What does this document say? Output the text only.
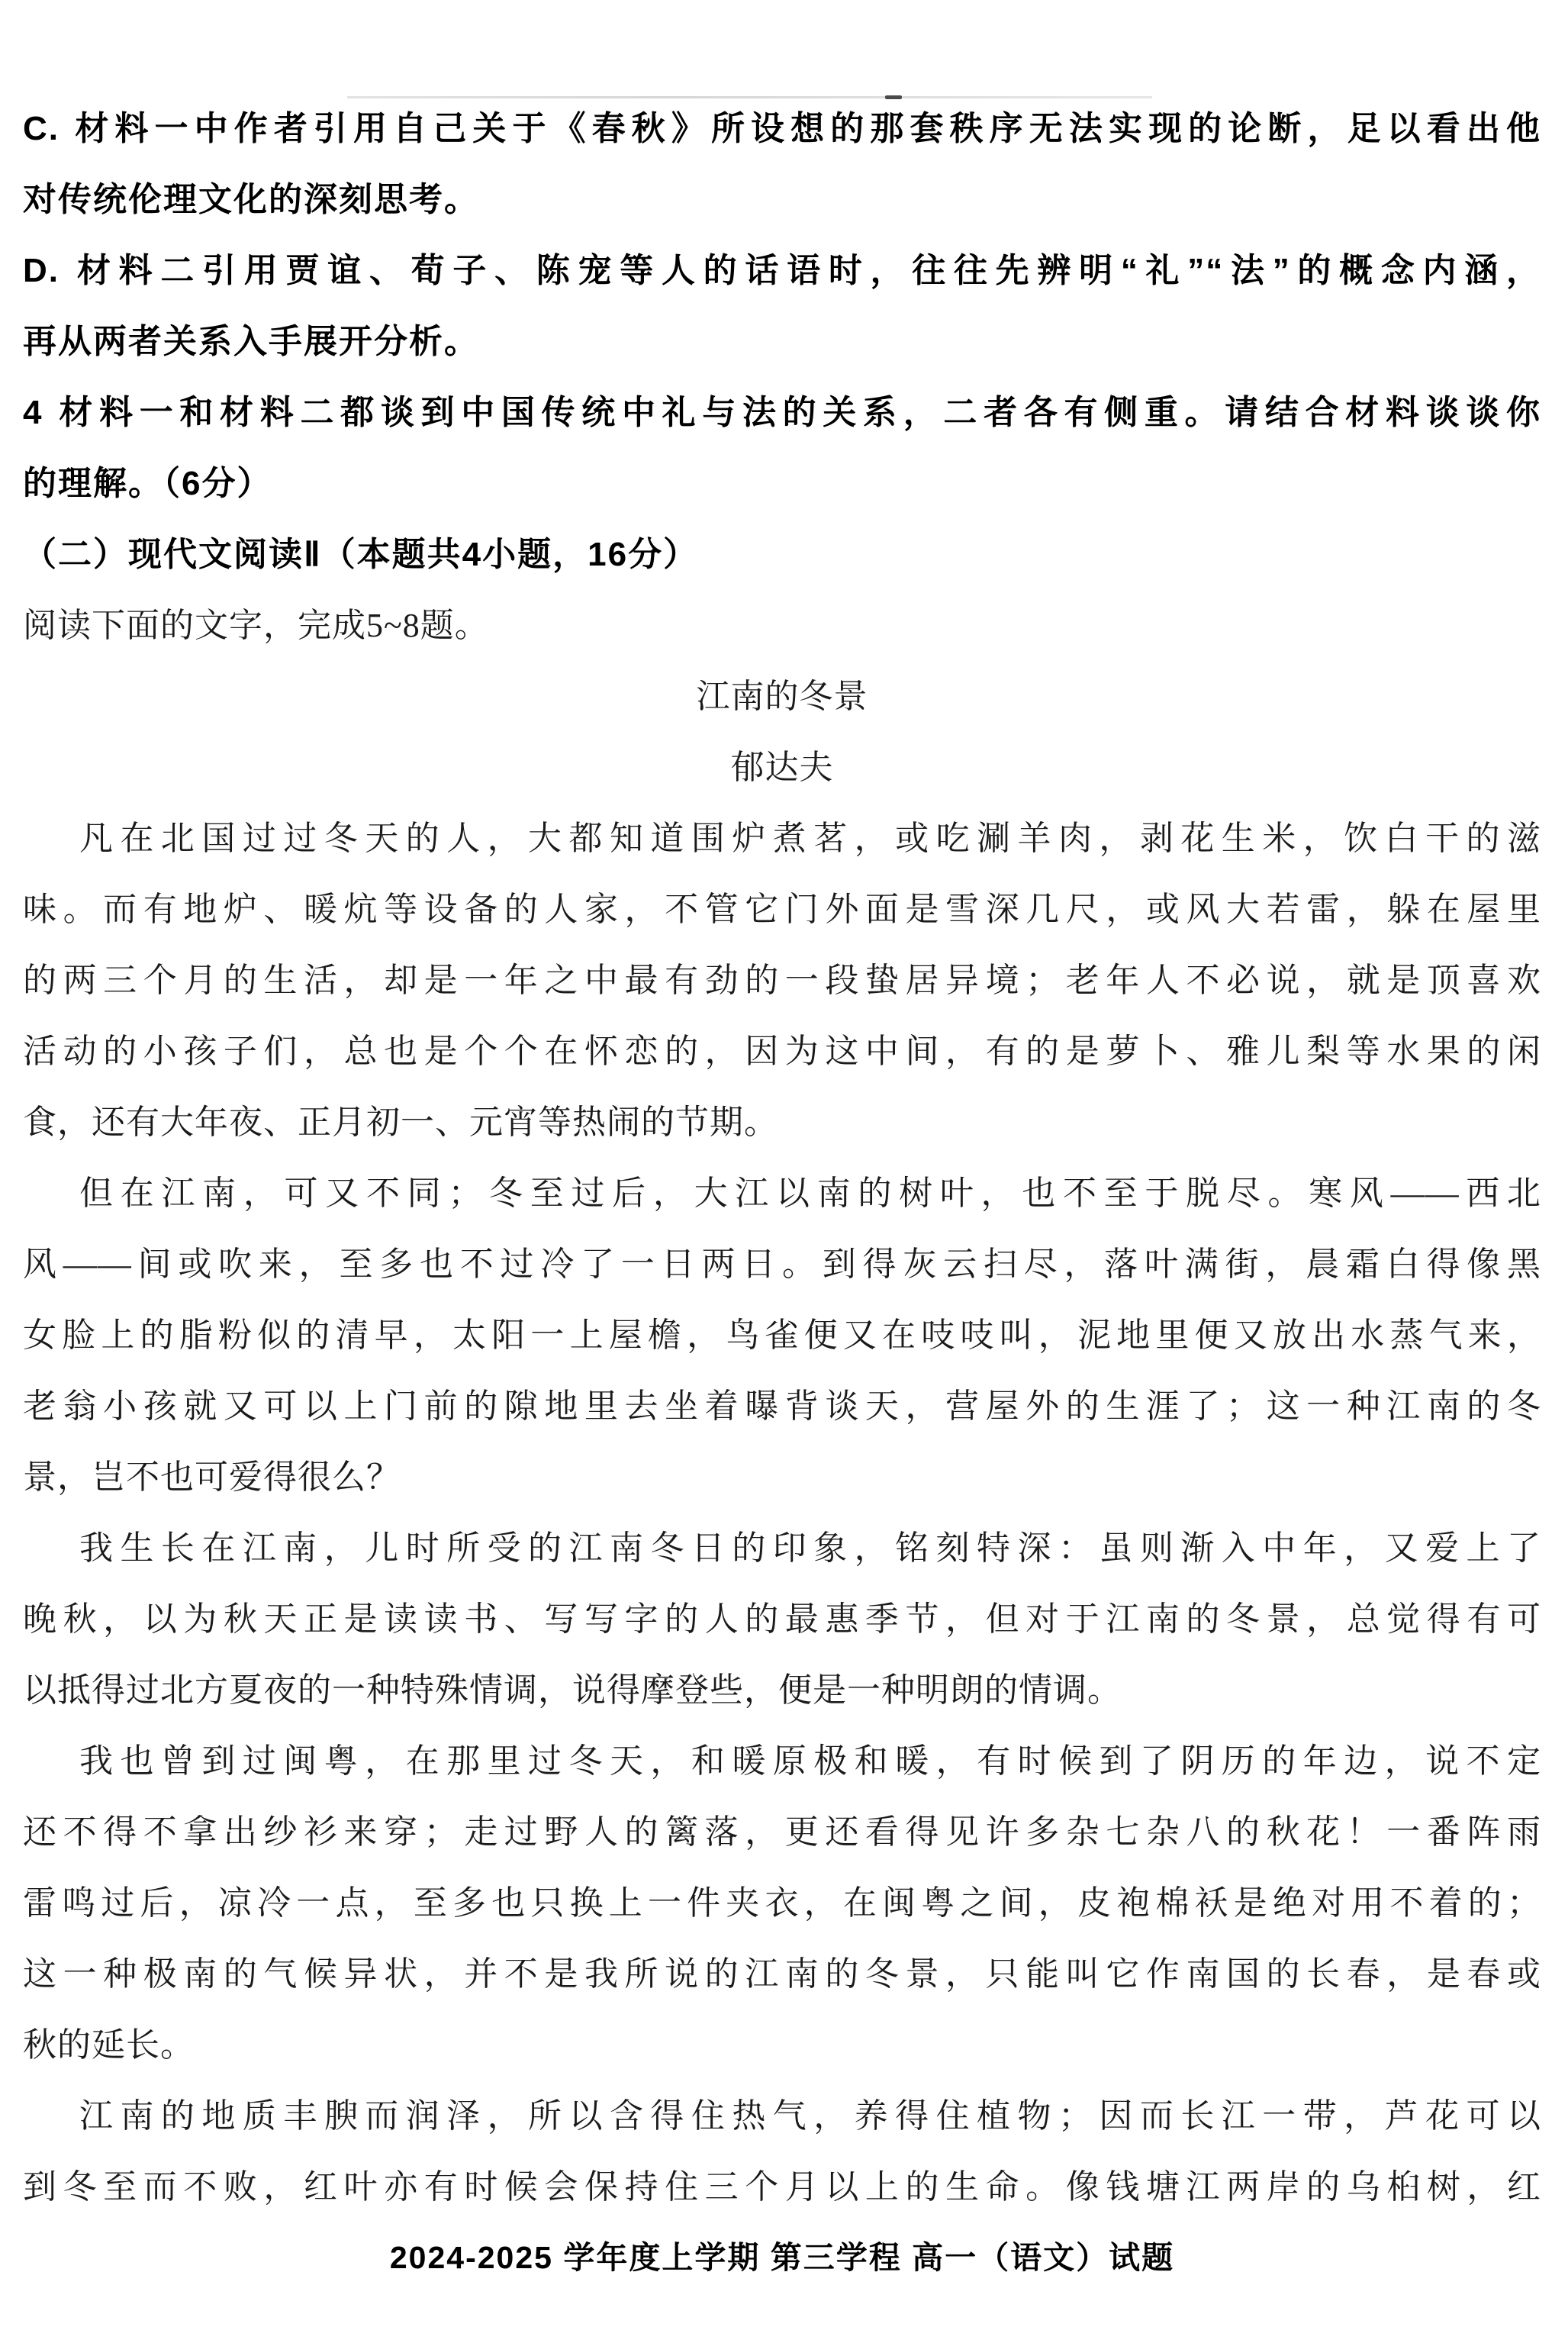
C. 材料一中作者引用自己关于《春秋》所设想的那套秩序无法实现的论断，足以看出他
对传统伦理文化的深刻思考。
D. 材料二引用贾谊、荀子、陈宠等人的话语时，往往先辨明“礼”“法”的概念内涵，
再从两者关系入手展开分析。
4 材料一和材料二都谈到中国传统中礼与法的关系，二者各有侧重。请结合材料谈谈你
的理解。（6分）
（二）现代文阅读Ⅱ（本题共4小题，16分）
阅读下面的文字，完成5~8题。
江南的冬景
郁达夫
凡在北国过过冬天的人，大都知道围炉煮茗，或吃涮羊肉，剥花生米，饮白干的滋
味。而有地炉、暖炕等设备的人家，不管它门外面是雪深几尺，或风大若雷，躲在屋里
的两三个月的生活，却是一年之中最有劲的一段蛰居异境；老年人不必说，就是顶喜欢
活动的小孩子们，总也是个个在怀恋的，因为这中间，有的是萝卜、雅儿梨等水果的闲
食，还有大年夜、正月初一、元宵等热闹的节期。
但在江南，可又不同；冬至过后，大江以南的树叶，也不至于脱尽。寒风——西北
风——间或吹来，至多也不过冷了一日两日。到得灰云扫尽，落叶满街，晨霜白得像黑
女脸上的脂粉似的清早，太阳一上屋檐，鸟雀便又在吱吱叫，泥地里便又放出水蒸气来，
老翁小孩就又可以上门前的隙地里去坐着曝背谈天，营屋外的生涯了；这一种江南的冬
景，岂不也可爱得很么？
我生长在江南，儿时所受的江南冬日的印象，铭刻特深：虽则渐入中年，又爱上了
晚秋，以为秋天正是读读书、写写字的人的最惠季节，但对于江南的冬景，总觉得有可
以抵得过北方夏夜的一种特殊情调，说得摩登些，便是一种明朗的情调。
我也曾到过闽粤，在那里过冬天，和暖原极和暖，有时候到了阴历的年边，说不定
还不得不拿出纱衫来穿；走过野人的篱落，更还看得见许多杂七杂八的秋花！一番阵雨
雷鸣过后，凉冷一点，至多也只换上一件夹衣，在闽粤之间，皮袍棉袄是绝对用不着的；
这一种极南的气候异状，并不是我所说的江南的冬景，只能叫它作南国的长春，是春或
秋的延长。
江南的地质丰腴而润泽，所以含得住热气，养得住植物；因而长江一带，芦花可以
到冬至而不败，红叶亦有时候会保持住三个月以上的生命。像钱塘江两岸的乌桕树，红
2024-2025 学年度上学期 第三学程 高一（语文）试题
